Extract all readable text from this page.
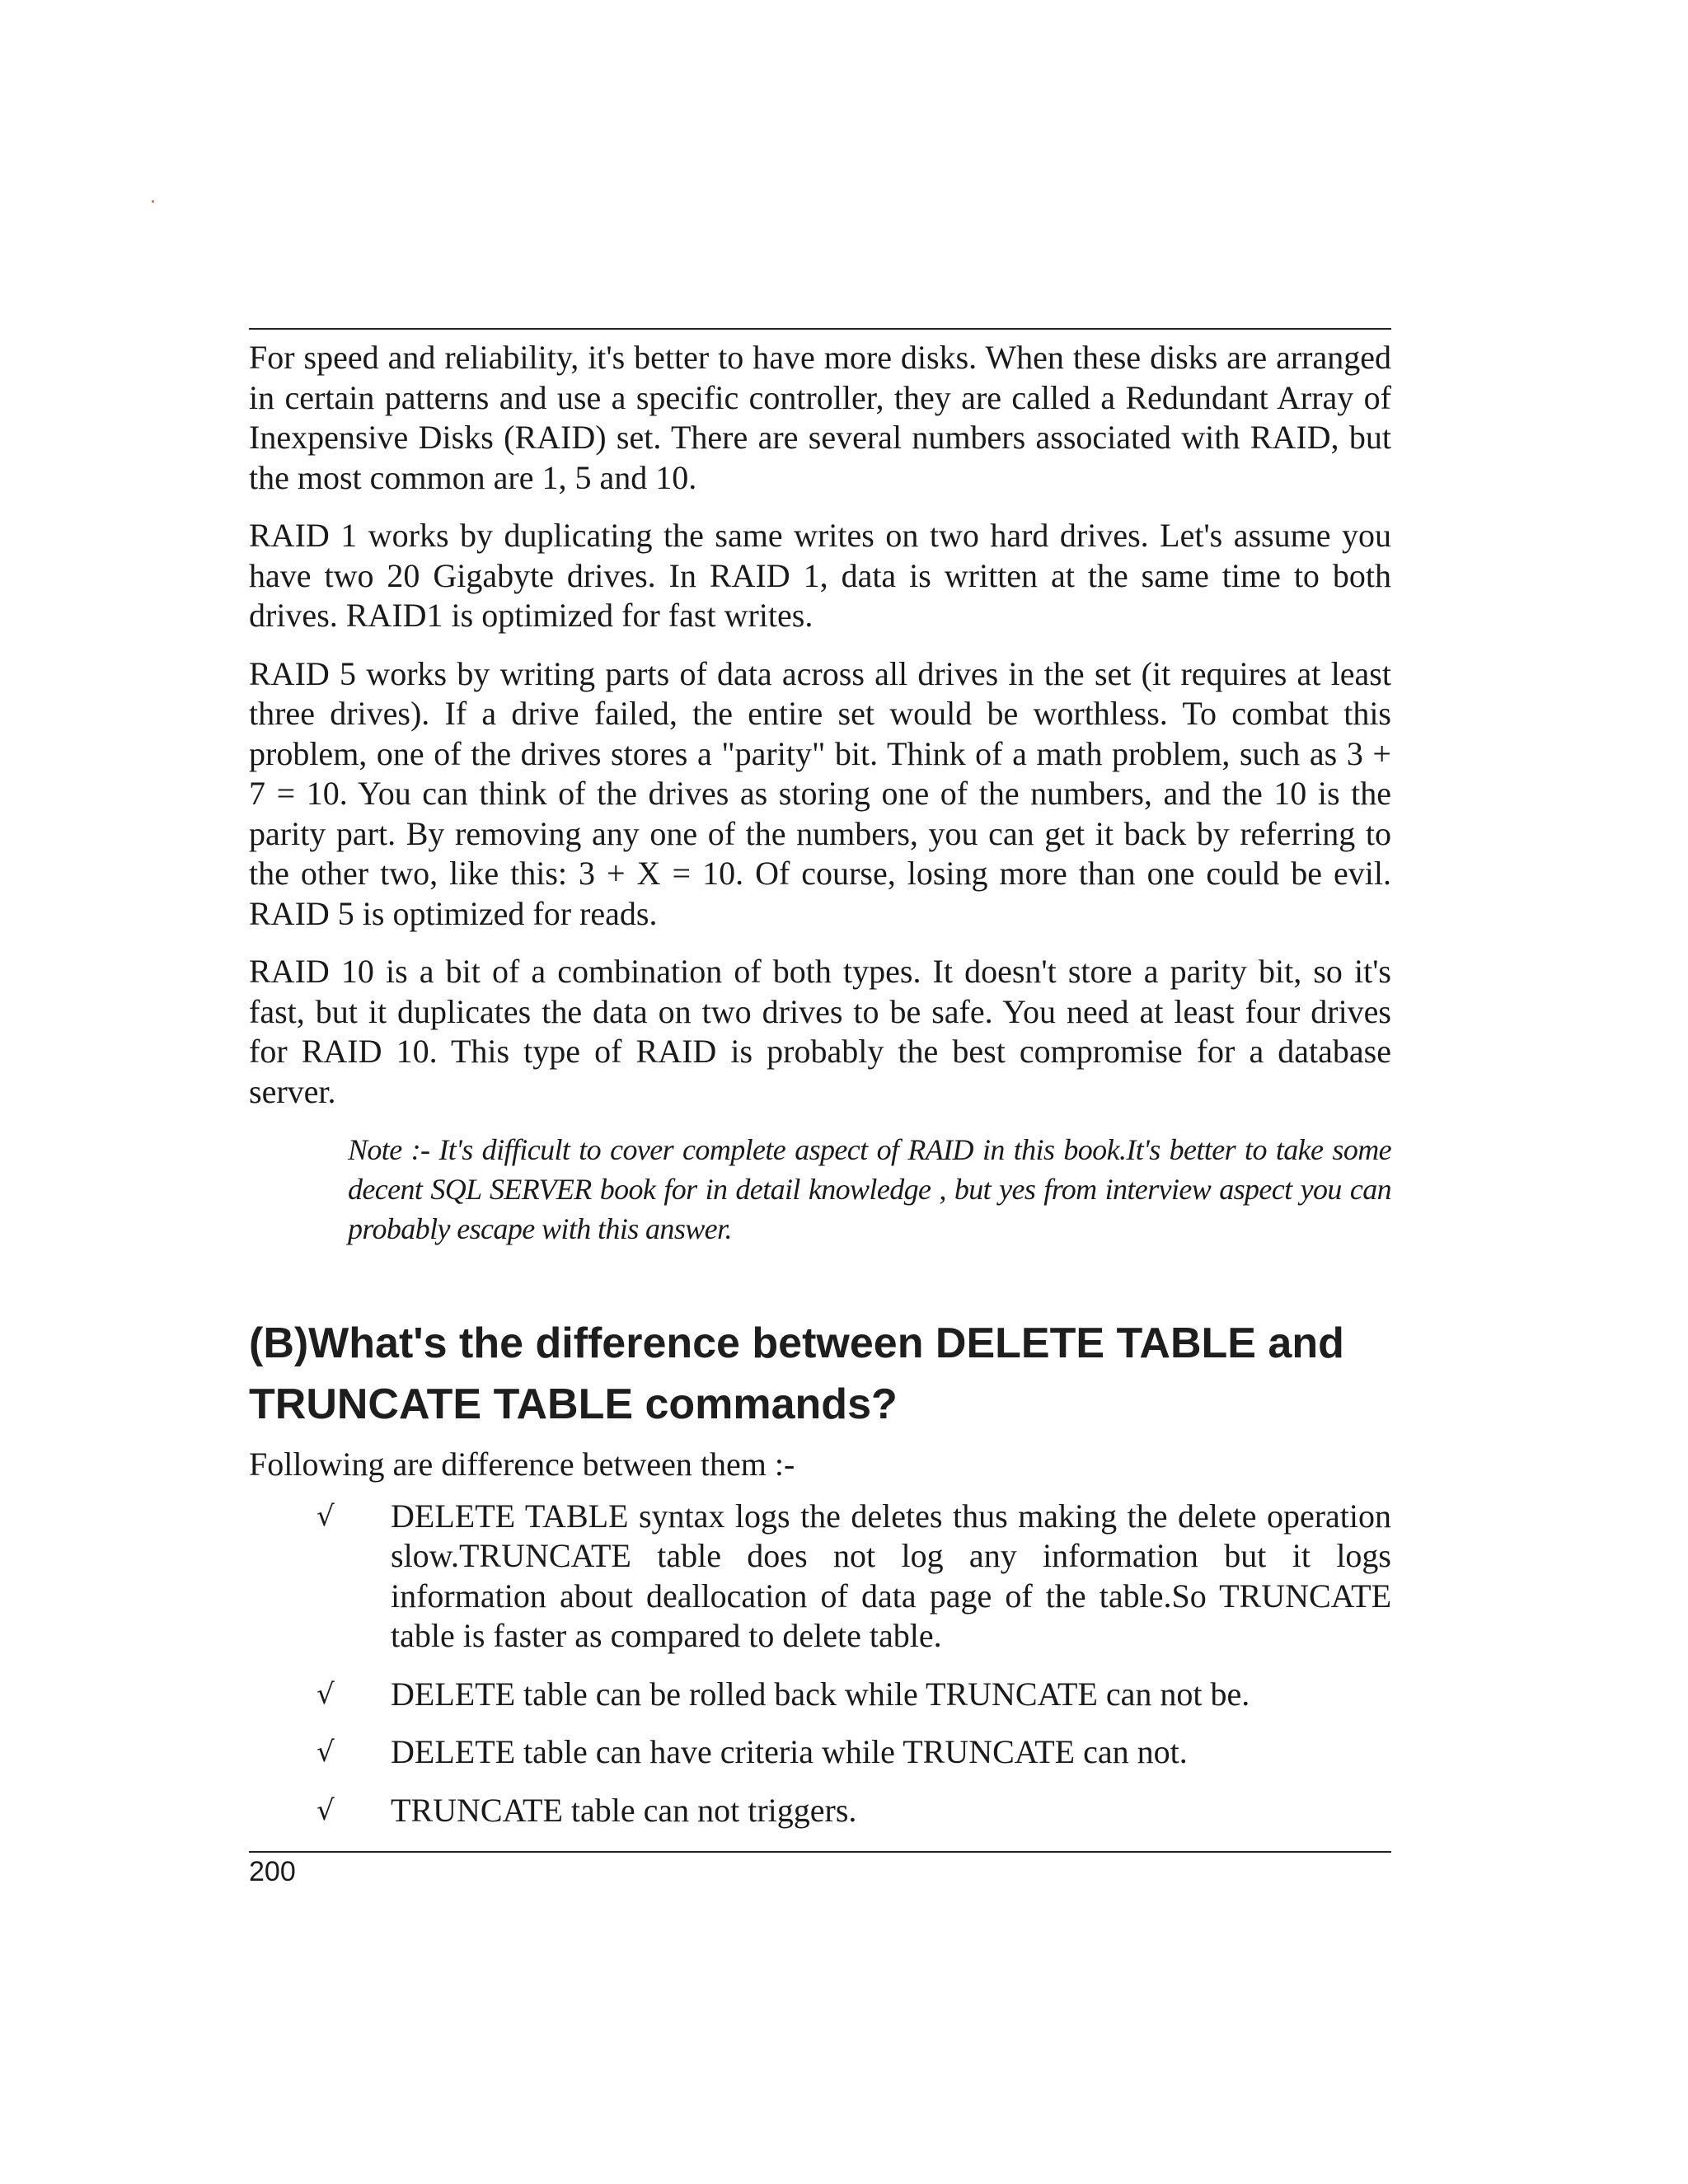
For speed and reliability, it's better to have more disks. When these disks are arranged in certain patterns and use a specific controller, they are called a Redundant Array of Inexpensive Disks (RAID) set. There are several numbers associated with RAID, but the most common are 1, 5 and 10.

RAID 1 works by duplicating the same writes on two hard drives. Let's assume you have two 20 Gigabyte drives. In RAID 1, data is written at the same time to both drives. RAID1 is optimized for fast writes.

RAID 5 works by writing parts of data across all drives in the set (it requires at least three drives). If a drive failed, the entire set would be worthless. To combat this problem, one of the drives stores a "parity" bit. Think of a math problem, such as 3 + 7 = 10. You can think of the drives as storing one of the numbers, and the 10 is the parity part. By removing any one of the numbers, you can get it back by referring to the other two, like this: 3 + X = 10. Of course, losing more than one could be evil. RAID 5 is optimized for reads.

RAID 10 is a bit of a combination of both types. It doesn't store a parity bit, so it's fast, but it duplicates the data on two drives to be safe. You need at least four drives for RAID 10. This type of RAID is probably the best compromise for a database server.

Note :- It's difficult to cover complete aspect of RAID in this book.It's better to take some decent SQL SERVER book for in detail knowledge , but yes from interview aspect you can probably escape with this answer.

(B)What's the difference between DELETE TABLE and
TRUNCATE TABLE commands?

Following are difference between them :-

√ DELETE TABLE syntax logs the deletes thus making the delete operation slow.TRUNCATE table does not log any information but it logs information about deallocation of data page of the table.So TRUNCATE table is faster as compared to delete table.
√ DELETE table can be rolled back while TRUNCATE can not be.
√ DELETE table can have criteria while TRUNCATE can not.
√ TRUNCATE table can not triggers.
200
